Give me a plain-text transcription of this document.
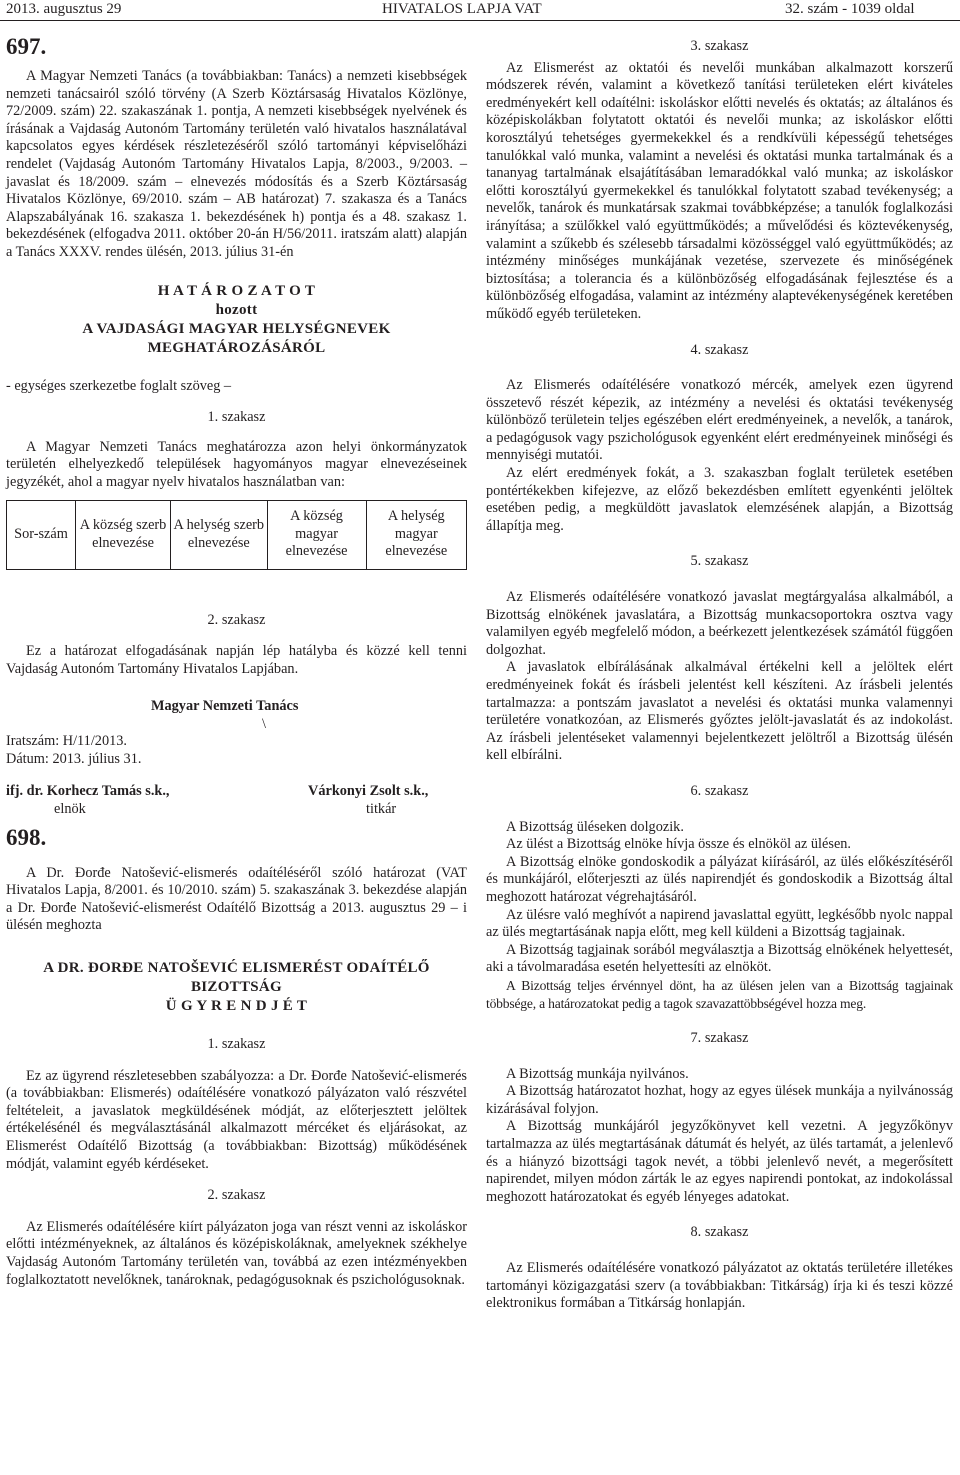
2013. augusztus 29	HIVATALOS LAPJA VAT	32. szám - 1039 oldal

697.

A Magyar Nemzeti Tanács (a továbbiakban: Tanács) a nemzeti kisebbségek nemzeti tanácsairól szóló törvény (A Szerb Köztársaság Hivatalos Közlönye, 72/2009. szám) 22. szakaszának 1. pontja, A nemzeti kisebbségek nyelvének és írásának a Vajdaság Autonóm Tartomány területén való hivatalos használatával kapcsolatos egyes kérdések részletezéséről szóló tartományi képviselőházi rendelet (Vajdaság Autonóm Tartomány Hivatalos Lapja, 8/2003., 9/2003. – javaslat és 18/2009. szám – elnevezés módosítás és a Szerb Köztársaság Hivatalos Közlönye, 69/2010. szám – AB határozat) 7. szakasza és a Tanács Alapszabályának 16. szakasza 1. bekezdésének h) pontja és a 48. szakasz 1. bekezdésének (elfogadva 2011. október 20-án H/56/2011. iratszám alatt) alapján a Tanács XXXV. rendes ülésén, 2013. július 31-én

H A T Á R O Z A T O T
hozott
A VAJDASÁGI MAGYAR HELYSÉGNEVEK
MEGHATÁROZÁSÁRÓL

- egységes szerkezetbe foglalt szöveg –

1. szakasz

A Magyar Nemzeti Tanács meghatározza azon helyi önkormányzatok területén elhelyezkedő települések hagyományos magyar elnevezéseinek jegyzékét, ahol a magyar nyelv hivatalos használatban van:

Sor-szám	A község szerb elnevezése	A helység szerb elnevezése	A község magyar elnevezése	A helység magyar elnevezése

2. szakasz

Ez a határozat elfogadásának napján lép hatályba és közzé kell tenni Vajdaság Autonóm Tartomány Hivatalos Lapjában.

Magyar Nemzeti Tanács

\

Iratszám: H/11/2013.

Dátum: 2013. július 31.

ifj. dr. Korhecz Tamás s.k.,
elnök
Várkonyi Zsolt s.k.,
titkár

698.

A Dr. Đorđe Natošević-elismerés odaítéléséről szóló határozat (VAT Hivatalos Lapja, 8/2001. és 10/2010. szám) 5. szakaszának 3. bekezdése alapján a Dr. Đorđe Natošević-elismerést Odaítélő Bizottság a 2013. augusztus 29 – i ülésén meghozta

A DR. ĐORĐE NATOŠEVIĆ ELISMERÉST ODAÍTÉLŐ
BIZOTTSÁG
Ü G Y R E N D J É T

1. szakasz

Ez az ügyrend részletesebben szabályozza: a Dr. Đorđe Natošević-elismerés (a továbbiakban: Elismerés) odaítélésére vonatkozó pályázaton való részvétel feltételeit, a javaslatok megküldésének módját, az előterjesztett jelöltek értékelésénél és megválasztásánál alkalmazott mércéket és eljárásokat, az Elismerést Odaítélő Bizottság (a továbbiakban: Bizottság) működésének módját, valamint egyéb kérdéseket.

2. szakasz

Az Elismerés odaítélésére kiírt pályázaton joga van részt venni az iskoláskor előtti intézményeknek, az általános és középiskoláknak, amelyeknek székhelye Vajdaság Autonóm Tartomány területén van, továbbá az ezen intézményekben foglalkoztatott nevelőknek, tanároknak, pedagógusoknak és pszichológusoknak.

3. szakasz

Az Elismerést az oktatói és nevelői munkában alkalmazott korszerű módszerek révén, valamint a következő tanítási területeken elért kiváteles eredményekért kell odaítélni: iskoláskor előtti nevelés és oktatás; az általános és középiskolákban folytatott oktatói és nevelői munka; az iskoláskor előtti korosztályú tehetséges gyermekekkel és a rendkívüli képességű tehetséges tanulókkal való munka, valamint a nevelési és oktatási munka tartalmának és a tananyag tartalmának elsajátításában lemaradókkal való munka; az iskoláskor előtti korosztályú gyermekekkel és tanulókkal folytatott szabad tevékenység; a nevelők, tanárok és munkatársak szakmai továbbképzése; a tanulók foglalkozási irányítása; a szülőkkel való együttműködés; a művelődési és köztevékenység, valamint a szűkebb és szélesebb társadalmi közösséggel való együttműködés; az intézmény minőséges munkájának vezetése, szervezete és minőségének biztosítása; a tolerancia és a különbözőség elfogadásának fejlesztése és a különbözőség elfogadása, valamint az intézmény alaptevékenységének keretében működő egyéb területeken.

4. szakasz

Az Elismerés odaítélésére vonatkozó mércék, amelyek ezen ügyrend összetevő részét képezik, az intézmény a nevelési és oktatási tevékenység különböző területein teljes egészében elért eredményeinek, a nevelők, a tanárok, a pedagógusok vagy pszichológusok egyenként elért eredményeinek minőségi és mennyiségi mutatói.

Az elért eredmények fokát, a 3. szakaszban foglalt területek esetében pontértékekben kifejezve, az előző bekezdésben említett egyenkénti jelöltek esetében pedig, a megküldött javaslatok elemzésének alapján, a Bizottság állapítja meg.

5. szakasz

Az Elismerés odaítélésére vonatkozó javaslat megtárgyalása alkalmából, a Bizottság elnökének javaslatára, a Bizottság munkacsoportokra osztva vagy valamilyen egyéb megfelelő módon, a beérkezett jelentkezések számától függően dolgozhat.

A javaslatok elbírálásának alkalmával értékelni kell a jelöltek elért eredményeinek fokát és írásbeli jelentést kell készíteni. Az írásbeli jelentés tartalmazza: a pontszám javaslatot a nevelési és oktatási munka valamennyi területére vonatkozóan, az Elismerés győztes jelölt-javaslatát és az indokolást. Az írásbeli jelentéseket valamennyi bejelentkezett jelöltről a Bizottság ülésén kell elbírálni.

6. szakasz

A Bizottság üléseken dolgozik.

Az ülést a Bizottság elnöke hívja össze és elnököl az ülésen.

A Bizottság elnöke gondoskodik a pályázat kiírásáról, az ülés előkészítéséről és munkájáról, előterjeszti az ülés napirendjét és gondoskodik a Bizottság által meghozott határozat végrehajtásáról.

Az ülésre való meghívót a napirend javaslattal együtt, legkésőbb nyolc nappal az ülés megtartásának napja előtt, meg kell küldeni a Bizottság tagjainak.

A Bizottság tagjainak sorából megválasztja a Bizottság elnökének helyettesét, aki a távolmaradása esetén helyettesíti az elnököt.

A Bizottság teljes érvénnyel dönt, ha az ülésen jelen van a Bizottság tagjainak többsége, a határozatokat pedig a tagok szavazattöbbségével hozza meg.

7. szakasz

A Bizottság munkája nyilvános.

A Bizottság határozatot hozhat, hogy az egyes ülések munkája a nyilvánosság kizárásával folyjon.

A Bizottság munkájáról jegyzőkönyvet kell vezetni. A jegyzőkönyv tartalmazza az ülés megtartásának dátumát és helyét, az ülés tartamát, a jelenlevő és a hiányzó bizottsági tagok nevét, a többi jelenlevő nevét, a megerősített napirendet, milyen módon zárták le az egyes napirendi pontokat, az indokolással meghozott határozatokat és egyéb lényeges adatokat.

8. szakasz

Az Elismerés odaítélésére vonatkozó pályázatot az oktatás területére illetékes tartományi közigazgatási szerv (a továbbiakban: Titkárság) írja ki és teszi közzé elektronikus formában a Titkárság honlapján.
